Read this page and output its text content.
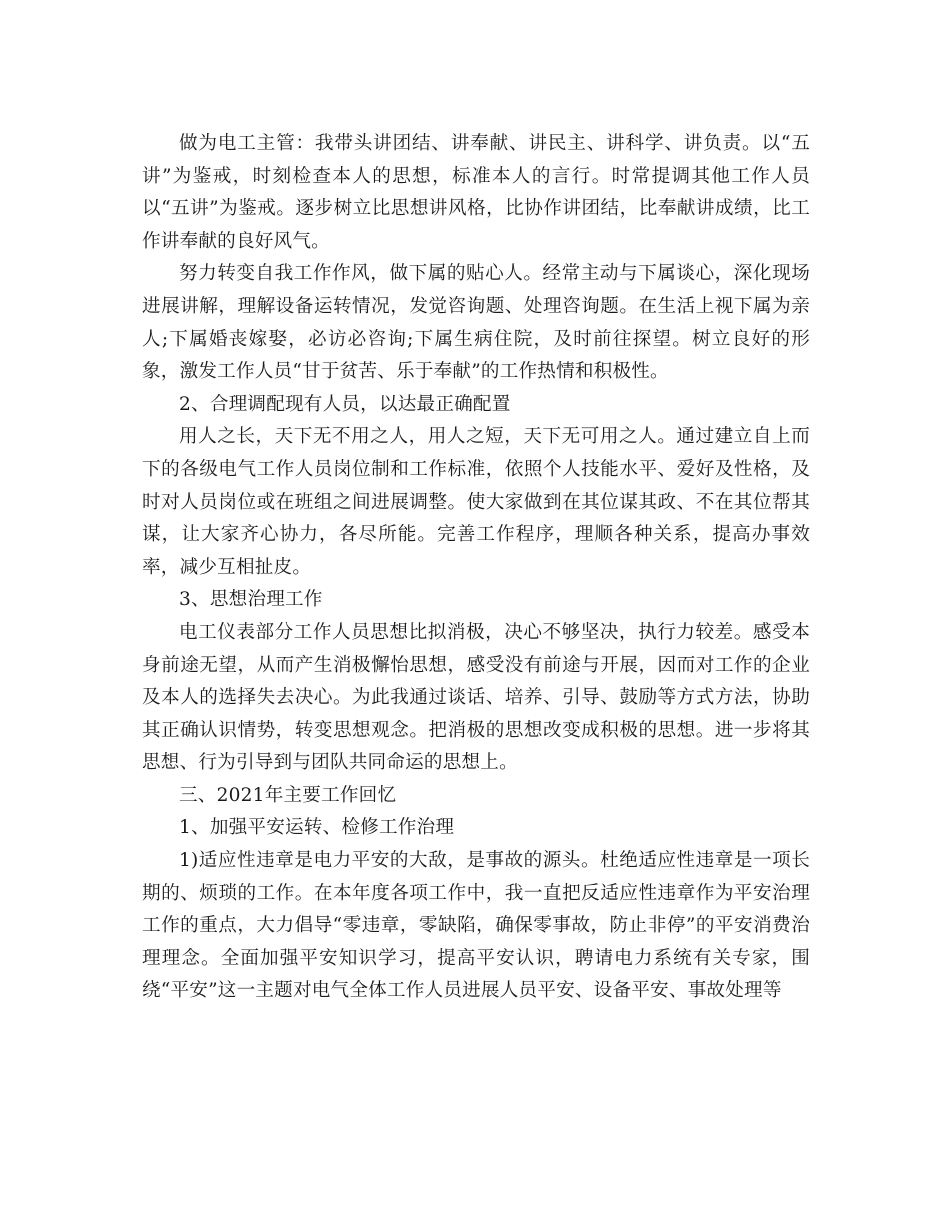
做为电工主管：我带头讲团结、讲奉献、讲民主、讲科学、讲负责。以“五讲”为鉴戒，时刻检查本人的思想，标准本人的言行。时常提调其他工作人员以“五讲”为鉴戒。逐步树立比思想讲风格，比协作讲团结，比奉献讲成绩，比工作讲奉献的良好风气。

努力转变自我工作作风，做下属的贴心人。经常主动与下属谈心，深化现场进展讲解，理解设备运转情况，发觉咨询题、处理咨询题。在生活上视下属为亲人;下属婚丧嫁娶，必访必咨询;下属生病住院，及时前往探望。树立良好的形象，激发工作人员“甘于贫苦、乐于奉献”的工作热情和积极性。

2、合理调配现有人员，以达最正确配置

用人之长，天下无不用之人，用人之短，天下无可用之人。通过建立自上而下的各级电气工作人员岗位制和工作标准，依照个人技能水平、爱好及性格，及时对人员岗位或在班组之间进展调整。使大家做到在其位谋其政、不在其位帮其谋，让大家齐心协力，各尽所能。完善工作程序，理顺各种关系，提高办事效率，减少互相扯皮。

3、思想治理工作

电工仪表部分工作人员思想比拟消极，决心不够坚决，执行力较差。感受本身前途无望，从而产生消极懈怡思想，感受没有前途与开展，因而对工作的企业及本人的选择失去决心。为此我通过谈话、培养、引导、鼓励等方式方法，协助其正确认识情势，转变思想观念。把消极的思想改变成积极的思想。进一步将其思想、行为引导到与团队共同命运的思想上。

三、2021年主要工作回忆

1、加强平安运转、检修工作治理

1)适应性违章是电力平安的大敌，是事故的源头。杜绝适应性违章是一项长期的、烦琐的工作。在本年度各项工作中，我一直把反适应性违章作为平安治理工作的重点，大力倡导“零违章，零缺陷，确保零事故，防止非停”的平安消费治理理念。全面加强平安知识学习，提高平安认识，聘请电力系统有关专家，围绕“平安”这一主题对电气全体工作人员进展人员平安、设备平安、事故处理等
